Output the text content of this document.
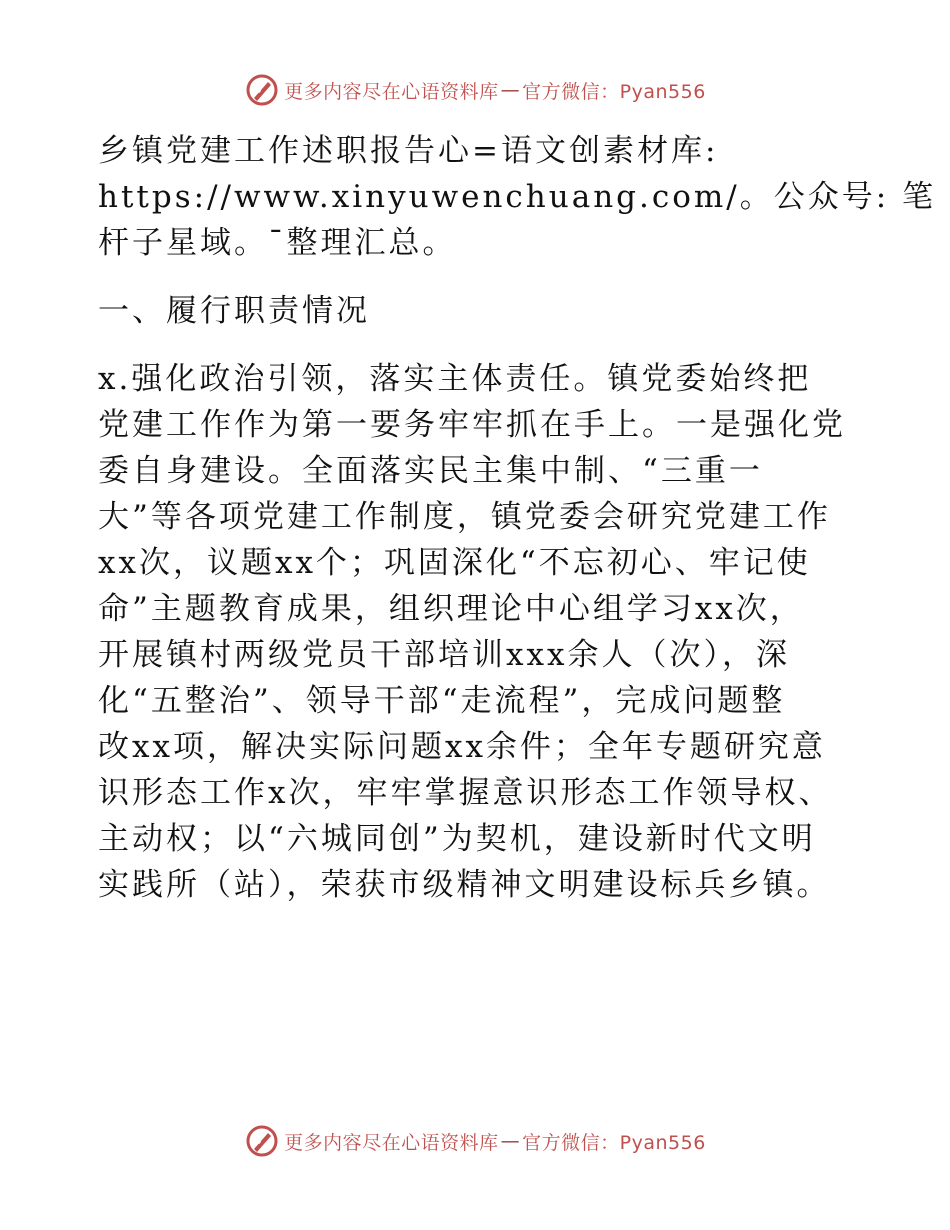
更多内容尽在心语资料库 — 官方微信：Pyan556
乡镇党建工作述职报告心=语文创素材库:
https://www.xinyuwenchuang.com/。公众号: 笔
杆子星域。¯整理汇总。
一、履行职责情况
x.强化政治引领，落实主体责任。镇党委始终把
党建工作作为第一要务牢牢抓在手上。一是强化党
委自身建设。全面落实民主集中制、“三重一
大”等各项党建工作制度，镇党委会研究党建工作
xx次，议题xx个；巩固深化“不忘初心、牢记使
命”主题教育成果，组织理论中心组学习xx次，
开展镇村两级党员干部培训xxx余人（次），深
化“五整治”、领导干部“走流程”，完成问题整
改xx项，解决实际问题xx余件；全年专题研究意
识形态工作x次，牢牢掌握意识形态工作领导权、
主动权；以“六城同创”为契机，建设新时代文明
实践所（站），荣获市级精神文明建设标兵乡镇。
更多内容尽在心语资料库 — 官方微信：Pyan556
